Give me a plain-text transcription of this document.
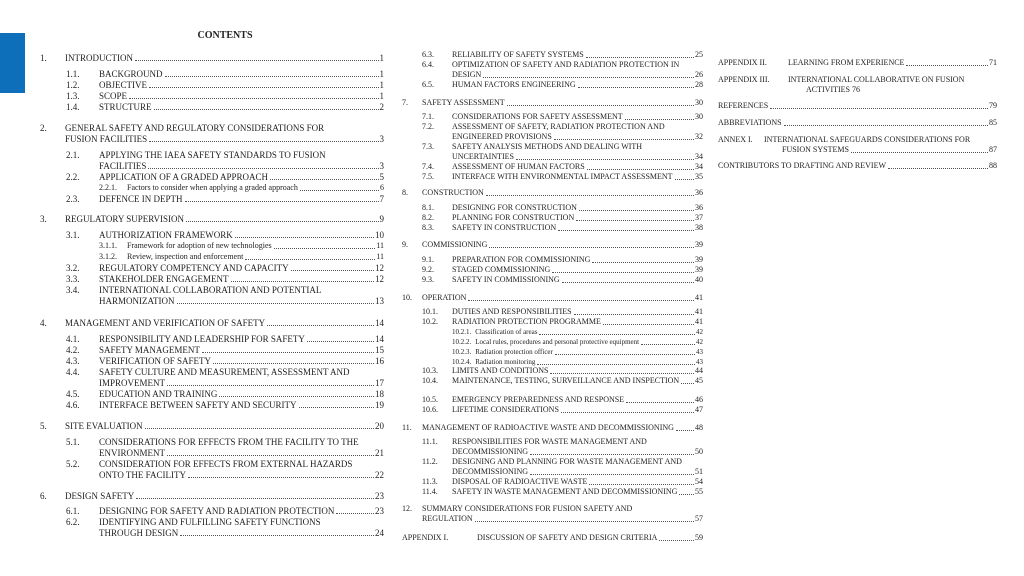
CONTENTS
1. INTRODUCTION	1
1.1. BACKGROUND	1
1.2. OBJECTIVE	1
1.3. SCOPE	1
1.4. STRUCTURE	2
2. GENERAL SAFETY AND REGULATORY CONSIDERATIONS FOR
FUSION FACILITIES	3
2.1. APPLYING THE IAEA SAFETY STANDARDS TO FUSION
FACILITIES	3
2.2. APPLICATION OF A GRADED APPROACH	5
2.2.1. Factors to consider when applying a graded approach	6
2.3. DEFENCE IN DEPTH	7
3. REGULATORY SUPERVISION	9
3.1. AUTHORIZATION FRAMEWORK	10
3.1.1. Framework for adoption of new technologies	11
3.1.2. Review, inspection and enforcement	11
3.2. REGULATORY COMPETENCY AND CAPACITY	12
3.3. STAKEHOLDER ENGAGEMENT	12
3.4. INTERNATIONAL COLLABORATION AND POTENTIAL
HARMONIZATION	13
4. MANAGEMENT AND VERIFICATION OF SAFETY	14
4.1. RESPONSIBILITY AND LEADERSHIP FOR SAFETY	14
4.2. SAFETY MANAGEMENT	15
4.3. VERIFICATION OF SAFETY	16
4.4. SAFETY CULTURE AND MEASUREMENT, ASSESSMENT AND
IMPROVEMENT	17
4.5. EDUCATION AND TRAINING	18
4.6. INTERFACE BETWEEN SAFETY AND SECURITY	19
5. SITE EVALUATION	20
5.1. CONSIDERATIONS FOR EFFECTS FROM THE FACILITY TO THE
ENVIRONMENT	21
5.2. CONSIDERATION FOR EFFECTS FROM EXTERNAL HAZARDS
ONTO THE FACILITY	22
6. DESIGN SAFETY	23
6.1. DESIGNING FOR SAFETY AND RADIATION PROTECTION	23
6.2. IDENTIFYING AND FULFILLING SAFETY FUNCTIONS
THROUGH DESIGN	24
6.3. RELIABILITY OF SAFETY SYSTEMS	25
6.4. OPTIMIZATION OF SAFETY AND RADIATION PROTECTION IN
DESIGN	26
6.5. HUMAN FACTORS ENGINEERING	28
7. SAFETY ASSESSMENT	30
7.1. CONSIDERATIONS FOR SAFETY ASSESSMENT	30
7.2. ASSESSMENT OF SAFETY, RADIATION PROTECTION AND
ENGINEERED PROVISIONS	32
7.3. SAFETY ANALYSIS METHODS AND DEALING WITH
UNCERTAINTIES	34
7.4. ASSESSMENT OF HUMAN FACTORS	34
7.5. INTERFACE WITH ENVIRONMENTAL IMPACT ASSESSMENT	35
8. CONSTRUCTION	36
8.1. DESIGNING FOR CONSTRUCTION	36
8.2. PLANNING FOR CONSTRUCTION	37
8.3. SAFETY IN CONSTRUCTION	38
9. COMMISSIONING	39
9.1. PREPARATION FOR COMMISSIONING	39
9.2. STAGED COMMISSIONING	39
9.3. SAFETY IN COMMISSIONING	40
10. OPERATION	41
10.1. DUTIES AND RESPONSIBILITIES	41
10.2. RADIATION PROTECTION PROGRAMME	41
10.2.1. Classification of areas	42
10.2.2. Local rules, procedures and personal protective equipment	42
10.2.3. Radiation protection officer	43
10.2.4. Radiation monitoring	43
10.3. LIMITS AND CONDITIONS	44
10.4. MAINTENANCE, TESTING, SURVEILLANCE AND INSPECTION 45
10.5. EMERGENCY PREPAREDNESS AND RESPONSE	46
10.6. LIFETIME CONSIDERATIONS	47
11. MANAGEMENT OF RADIOACTIVE WASTE AND DECOMMISSIONING	48
11.1. RESPONSIBILITIES FOR WASTE MANAGEMENT AND
DECOMMISSIONING	50
11.2. DESIGNING AND PLANNING FOR WASTE MANAGEMENT AND
DECOMMISSIONING	51
11.3. DISPOSAL OF RADIOACTIVE WASTE	54
11.4. SAFETY IN WASTE MANAGEMENT AND DECOMMISSIONING 55
12. SUMMARY CONSIDERATIONS FOR FUSION SAFETY AND
REGULATION	57
APPENDIX I.	DISCUSSION OF SAFETY AND DESIGN CRITERIA	59
APPENDIX II.	LEARNING FROM EXPERIENCE	71
APPENDIX III. INTERNATIONAL COLLABORATIVE ON FUSION
ACTIVITIES 76
REFERENCES	79
ABBREVIATIONS	85
ANNEX I. INTERNATIONAL SAFEGUARDS CONSIDERATIONS FOR
FUSION SYSTEMS	87
CONTRIBUTORS TO DRAFTING AND REVIEW	88
